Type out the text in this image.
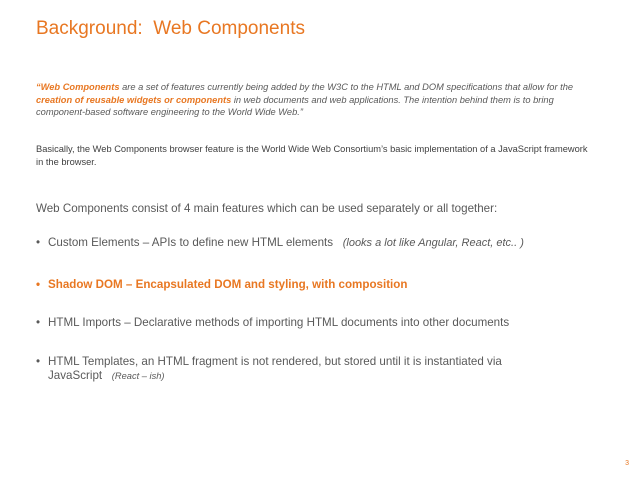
Background:  Web Components
“Web Components are a set of features currently being added by the W3C to the HTML and DOM specifications that allow for the creation of reusable widgets or components in web documents and web applications. The intention behind them is to bring component-based software engineering to the World Wide Web.”
Basically, the Web Components browser feature is the World Wide Web Consortium’s basic implementation of a JavaScript framework in the browser.
Web Components consist of 4 main features which can be used separately or all together:
• Custom Elements – APIs to define new HTML elements (looks a lot like Angular, React, etc.. )
• Shadow DOM – Encapsulated DOM and styling, with composition
• HTML Imports – Declarative methods of importing HTML documents into other documents
• HTML Templates, an HTML fragment is not rendered, but stored until it is instantiated via JavaScript (React – ish)
3
